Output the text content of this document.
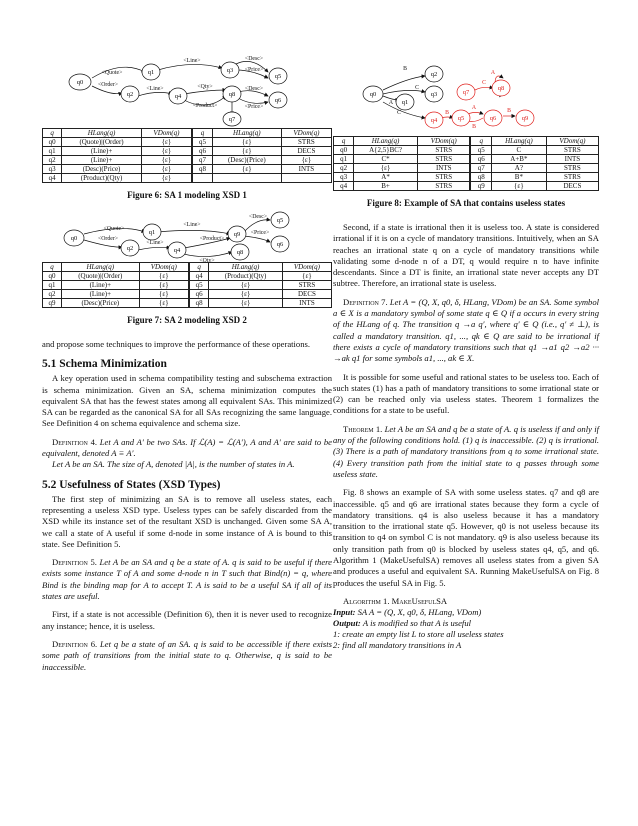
q0
q1
q2
q3
q4
q5
q6
q7
q8
<Quote>
<Order>
<Line>
<Line>
<Desc>
<Price>
<Qty>
<Product>
<Desc>
<Price>
q	HLang(q)	VDom(q)	q	HLang(q)	VDom(q)
q0	(Quote)|(Order)	{ε}	q5	{ε}	STRS
q1	(Line)+	{ε}	q6	{ε}	DECS
q2	(Line)+	{ε}	q7	(Desc)(Price)	{ε}
q3	(Desc)(Price)	{ε}	q8	{ε}	INTS
q4	(Product)(Qty)	{ε}			
Figure 6: SA 1 modeling XSD 1
q0
q1
q2	q4
q9
q5
q6
q8
<Quote>
<Order>
<Line>
<Line>
<Product>
<Qty>
<Desc>
<Price>
q	HLang(q)	VDom(q)	q	HLang(q)	VDom(q)
q0	(Quote)|(Order)	{ε}	q4	(Product)(Qty)	{ε}
q1	(Line)+	{ε}	q5	{ε}	STRS
q2	(Line)+	{ε}	q6	{ε}	DECS
q9	(Desc)(Price)	{ε}	q8	{ε}	INTS
Figure 7: SA 2 modeling XSD 2

and propose some techniques to improve the performance of these operations.

5.1 Schema Minimization

A key operation used in schema compatibility testing and subschema extraction is schema minimization. Given an SA, schema minimization computes the equivalent SA that has the fewest states among all equivalent SAs. This minimized SA can be regarded as the canonical SA for all SAs recognizing the same language. See Definition 4 on schema equivalence and schema size.

Definition 4. Let A and A′ be two SAs. If ℒ(A) = ℒ(A′), A and A′ are said to be equivalent, denoted A ≡ A′.

Let A be an SA. The size of A, denoted |A|, is the number of states in A.

5.2 Usefulness of States (XSD Types)

The first step of minimizing an SA is to remove all useless states, each representing a useless XSD type. Useless types can be safely discarded from the XSD while its instance set of the resultant XSD is unchanged. Given some SA A, we call a state of A useful if some d-node in some instance of A is bound to this state. See Definition 5.

Definition 5. Let A be an SA and q be a state of A. q is said to be useful if there exists some instance T of A and some d-node n in T such that Bind(n) = q, where Bind is the binding map for A to accept T. A is said to be a useful SA if all of its states are useful.

First, if a state is not accessible (Definition 6), then it is never used to recognize any instance; hence, it is useless.

Definition 6. Let q be a state of an SA. q is said to be accessible if there exists some path of transitions from the initial state to q. Otherwise, q is said to be inaccessible.

q0
q1
q2
q3
q4	q5	q6
q7
q8
q9
B
A
C
C	B
A
B
C
A
B
q	HLang(q)	VDom(q)	q	HLang(q)	VDom(q)
q0	A{2,5}BC?	STRS	q5	C	STRS
q1	C*	STRS	q6	A+B*	INTS
q2	{ε}	INTS	q7	A?	STRS
q3	A*	STRS	q8	B*	STRS
q4	B+	STRS	q9	{ε}	DECS
Figure 8: Example of SA that contains useless states

Second, if a state is irrational then it is useless too. A state is considered irrational if it is on a cycle of mandatory transitions. Intuitively, when an SA reaches an irrational state q on a cycle of mandatory transitions while validating some d-node n of a DT, q would require n to have infinite descendants. Since a DT is finite, an irrational state never accepts any DT subtree. Therefore, an irrational state is useless.

Definition 7. Let A = (Q, X, q0, δ, HLang, VDom) be an SA. Some symbol a ∈ X is a mandatory symbol of some state q ∈ Q if a occurs in every string of the HLang of q. The transition q →a q′, where q′ ∈ Q (i.e., q′ ≠ ⊥), is called a mandatory transition. q1, ..., qk ∈ Q are said to be irrational if there exists a cycle of mandatory transitions such that q1 →a1 q2 →a2 ··· →ak q1 for some symbols a1, ..., ak ∈ X.

It is possible for some useful and rational states to be useless too. Each of such states (1) has a path of mandatory transitions to some irrational state or (2) can be reached only via useless states. Theorem 1 formalizes the conditions for a state to be useful.

Theorem 1. Let A be an SA and q be a state of A. q is useless if and only if any of the following conditions hold. (1) q is inaccessible. (2) q is irrational. (3) There is a path of mandatory transitions from q to some irrational state. (4) Every transition path from the initial state to q passes through some useless state.

Fig. 8 shows an example of SA with some useless states. q7 and q8 are inaccessible. q5 and q6 are irrational states because they form a cycle of mandatory transitions. q4 is also useless because it has a mandatory transition to the irrational state q5. However, q0 is not useless because its transition to q4 on symbol C is not mandatory. q9 is also useless because its only transition path from q0 is blocked by useless states q4, q5, and q6. Algorithm 1 (MakeUsefulSA) removes all useless states from a given SA and produces a useful and equivalent SA. Running MakeUsefulSA on Fig. 8 produces the useful SA in Fig. 5.

Algorithm 1. MakeUsefulSA
Input: SA A = (Q, X, q0, δ, HLang, VDom)
Output: A is modified so that A is useful
1: create an empty list L to store all useless states
2: find all mandatory transitions in A
